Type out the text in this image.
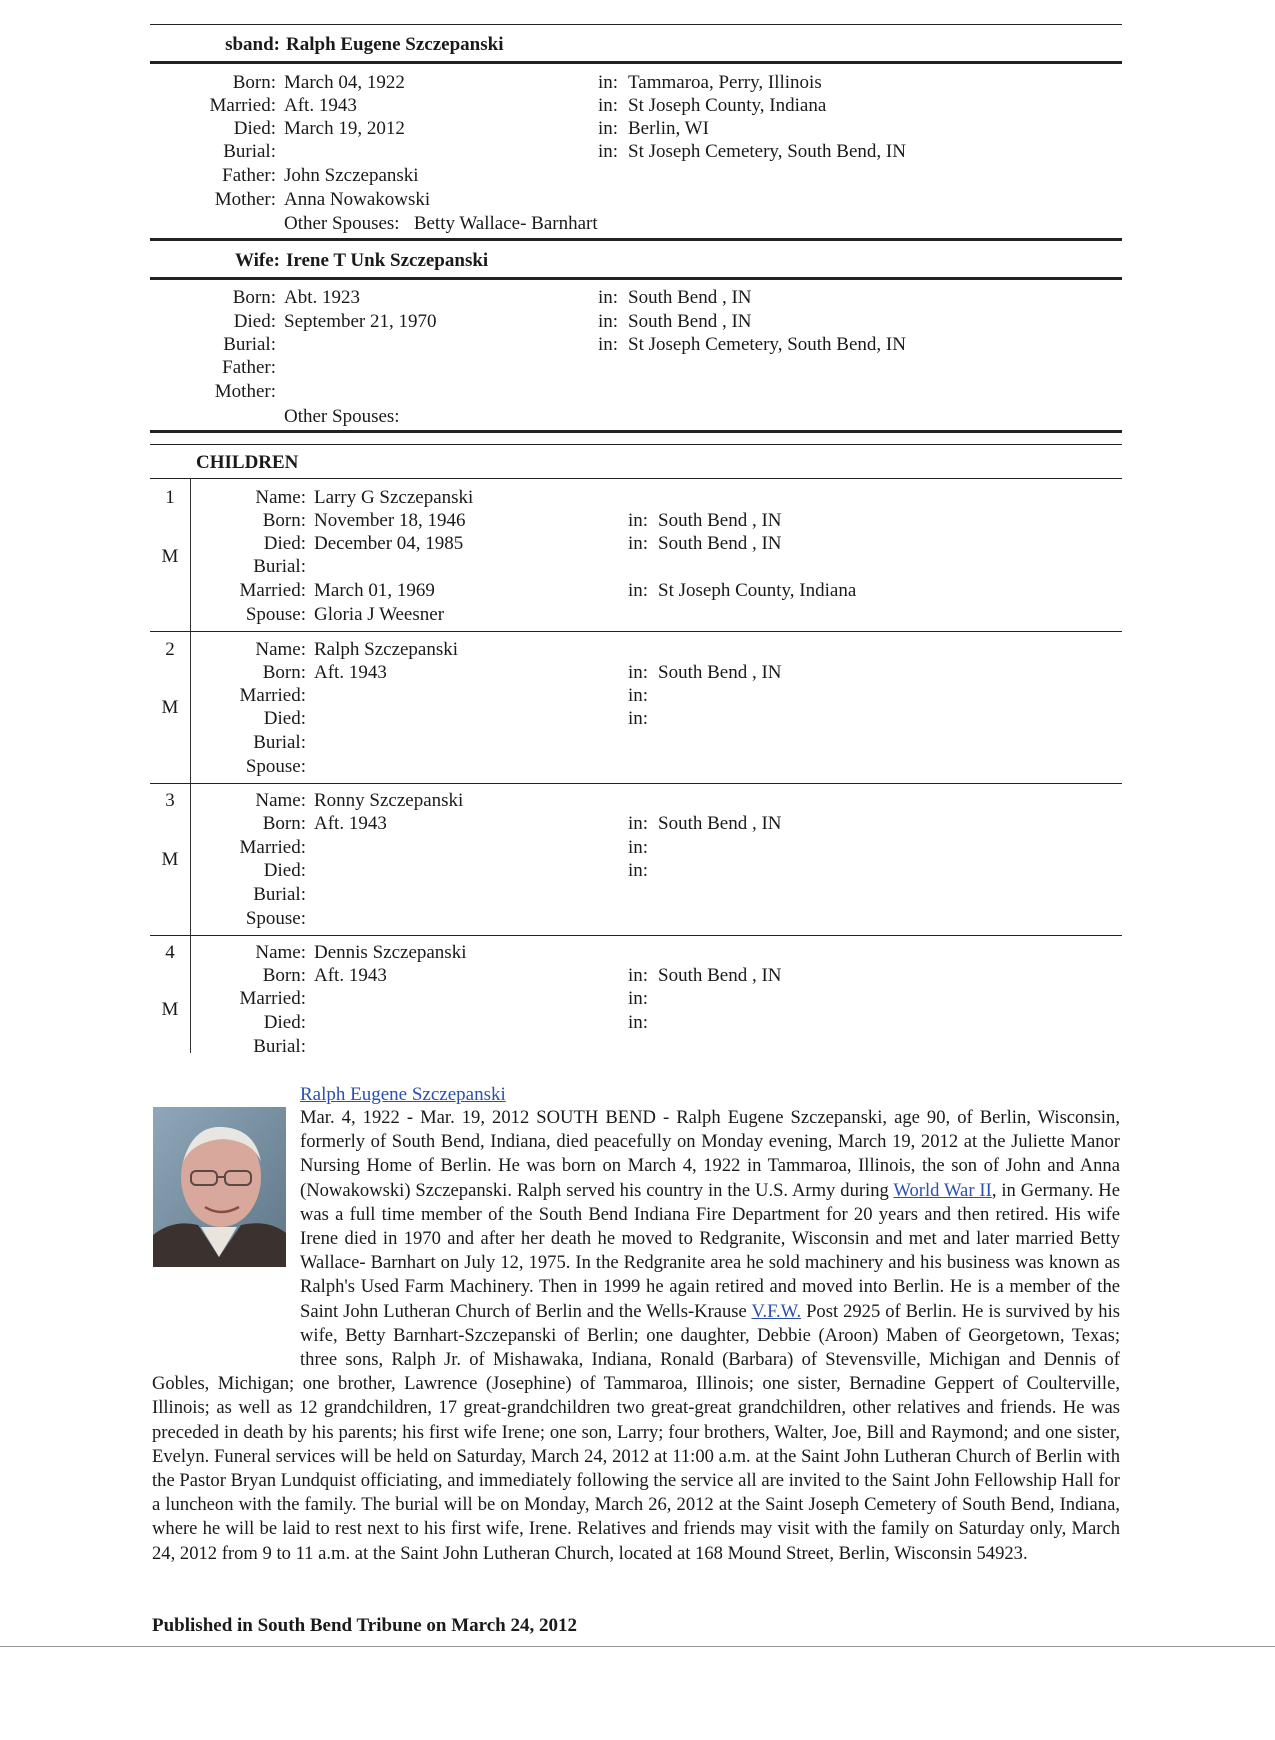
sband: Ralph Eugene Szczepanski
Born: March 04, 1922	in: Tammaroa, Perry, Illinois
Married: Aft. 1943	in: St Joseph County, Indiana
Died: March 19, 2012	in: Berlin, WI
Burial:	in: St Joseph Cemetery, South Bend, IN
Father: John Szczepanski
Mother: Anna Nowakowski
Other Spouses: Betty Wallace- Barnhart
Wife: Irene T Unk Szczepanski
Born: Abt. 1923	in: South Bend , IN
Died: September 21, 1970	in: South Bend , IN
Burial:	in: St Joseph Cemetery, South Bend, IN
Father:
Mother:
Other Spouses:
CHILDREN
1
M
Name: Larry G Szczepanski
Born: November 18, 1946	in: South Bend , IN
Died: December 04, 1985	in: South Bend , IN
Burial:
Married: March 01, 1969	in: St Joseph County, Indiana
Spouse: Gloria J Weesner
2
M
Name: Ralph Szczepanski
Born: Aft. 1943	in: South Bend , IN
Married:	in:
Died:	in:
Burial:
Spouse:
3
M
Name: Ronny Szczepanski
Born: Aft. 1943	in: South Bend , IN
Married:	in:
Died:	in:
Burial:
Spouse:
4
M
Name: Dennis Szczepanski
Born: Aft. 1943	in: South Bend , IN
Married:	in:
Died:	in:
Burial:
Ralph Eugene Szczepanski
Mar. 4, 1922 - Mar. 19, 2012 SOUTH BEND - Ralph Eugene Szczepanski, age 90, of Berlin, Wisconsin, formerly of South Bend, Indiana, died peacefully on Monday evening, March 19, 2012 at the Juliette Manor Nursing Home of Berlin. He was born on March 4, 1922 in Tammaroa, Illinois, the son of John and Anna (Nowakowski) Szczepanski. Ralph served his country in the U.S. Army during World War II, in Germany. He was a full time member of the South Bend Indiana Fire Department for 20 years and then retired. His wife Irene died in 1970 and after her death he moved to Redgranite, Wisconsin and met and later married Betty Wallace- Barnhart on July 12, 1975. In the Redgranite area he sold machinery and his business was known as Ralph's Used Farm Machinery. Then in 1999 he again retired and moved into Berlin. He is a member of the Saint John Lutheran Church of Berlin and the Wells-Krause V.F.W. Post 2925 of Berlin. He is survived by his wife, Betty Barnhart-Szczepanski of Berlin; one daughter, Debbie (Aroon) Maben of Georgetown, Texas; three sons, Ralph Jr. of Mishawaka, Indiana, Ronald (Barbara) of Stevensville, Michigan and Dennis of Gobles, Michigan; one brother, Lawrence (Josephine) of Tammaroa, Illinois; one sister, Bernadine Geppert of Coulterville, Illinois; as well as 12 grandchildren, 17 great-grandchildren two great-great grandchildren, other relatives and friends. He was preceded in death by his parents; his first wife Irene; one son, Larry; four brothers, Walter, Joe, Bill and Raymond; and one sister, Evelyn. Funeral services will be held on Saturday, March 24, 2012 at 11:00 a.m. at the Saint John Lutheran Church of Berlin with the Pastor Bryan Lundquist officiating, and immediately following the service all are invited to the Saint John Fellowship Hall for a luncheon with the family. The burial will be on Monday, March 26, 2012 at the Saint Joseph Cemetery of South Bend, Indiana, where he will be laid to rest next to his first wife, Irene. Relatives and friends may visit with the family on Saturday only, March 24, 2012 from 9 to 11 a.m. at the Saint John Lutheran Church, located at 168 Mound Street, Berlin, Wisconsin 54923.
Published in South Bend Tribune on March 24, 2012
